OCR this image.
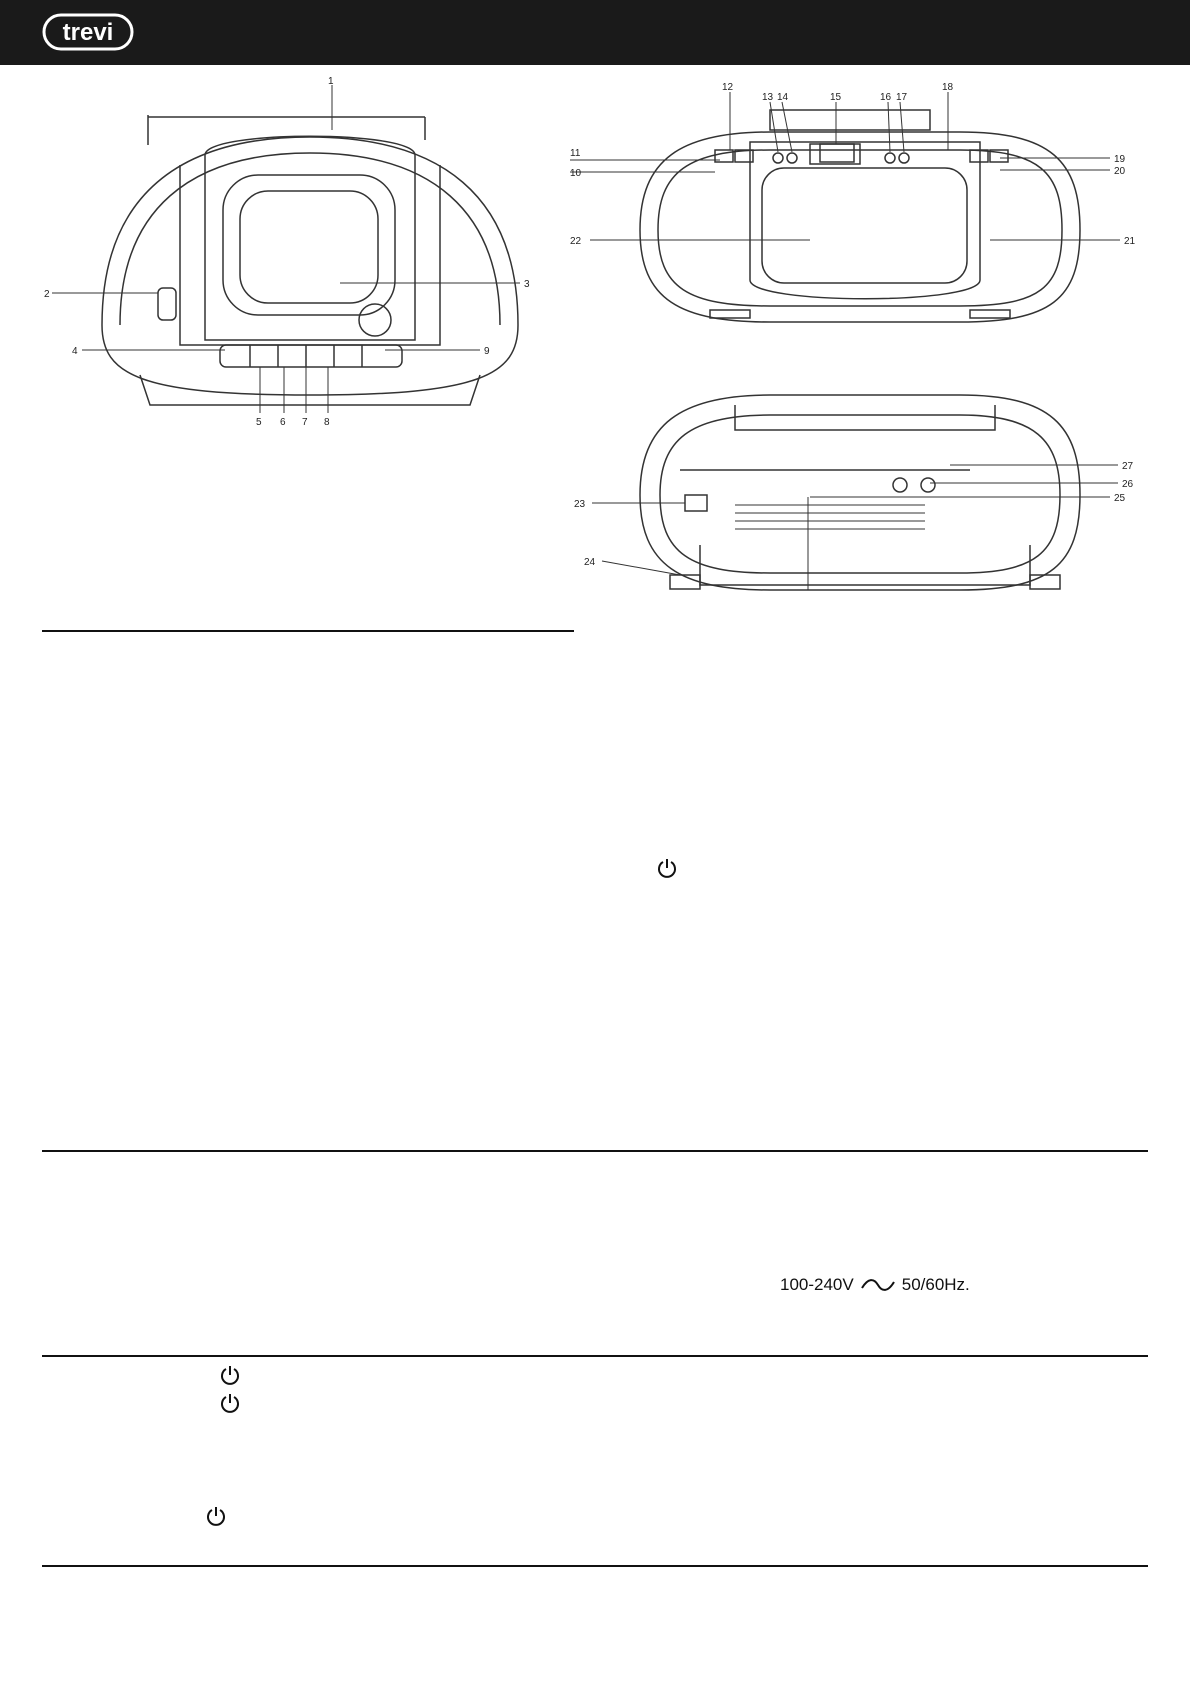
trevi
1
2
3
4
5 6 7 8
9
12
13 14	15	16 17
18
11
10
19
20
22	21
27
26
25
23
24
100-240V	50/60Hz.
